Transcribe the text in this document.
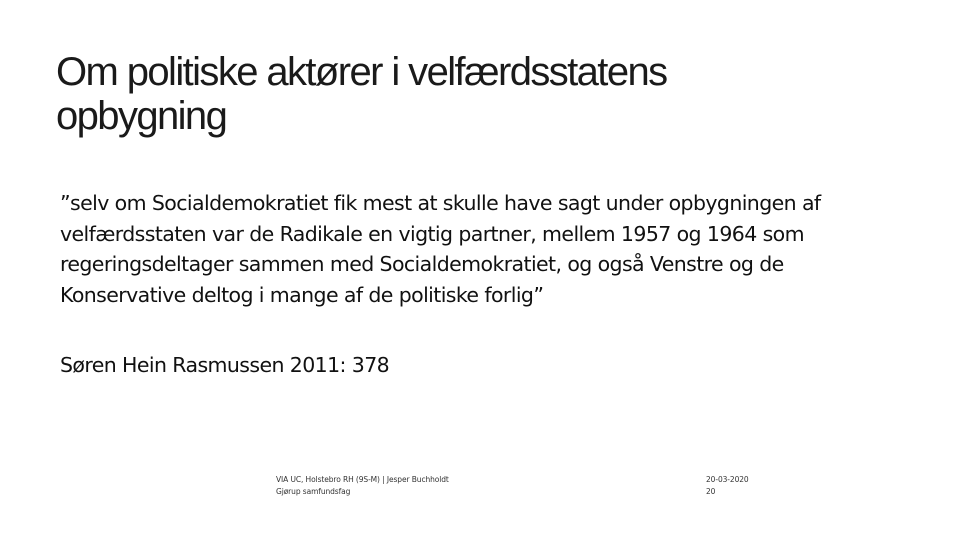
Om politiske aktører i velfærdsstatens
opbygning

”selv om Socialdemokratiet fik mest at skulle have sagt under opbygningen af
velfærdsstaten var de Radikale en vigtig partner, mellem 1957 og 1964 som
regeringsdeltager sammen med Socialdemokratiet, og også Venstre og de
Konservative deltog i mange af de politiske forlig”

Søren Hein Rasmussen 2011: 378

VIA UC, Holstebro RH (9S-M) | Jesper Buchholdt
Gjørup samfundsfag
20-03-2020
20
